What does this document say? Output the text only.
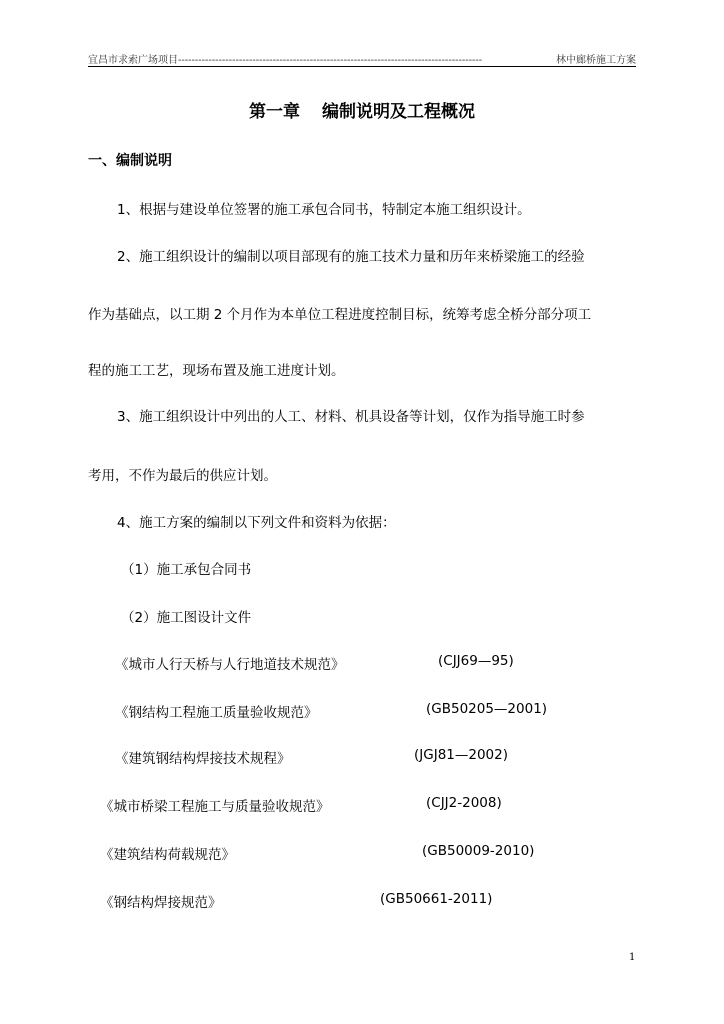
宜昌市求索广场项目------------------------------------------------------------------------------------------	林中廊桥施工方案
第一章 编制说明及工程概况
一、编制说明
1、根据与建设单位签署的施工承包合同书，特制定本施工组织设计。
2、施工组织设计的编制以项目部现有的施工技术力量和历年来桥梁施工的经验
作为基础点，以工期 2 个月作为本单位工程进度控制目标，统筹考虑全桥分部分项工
程的施工工艺，现场布置及施工进度计划。
3、施工组织设计中列出的人工、材料、机具设备等计划，仅作为指导施工时参
考用，不作为最后的供应计划。
4、施工方案的编制以下列文件和资料为依据：
（1）施工承包合同书
（2）施工图设计文件
《城市人行天桥与人行地道技术规范》	(CJJ69—95)
《钢结构工程施工质量验收规范》	(GB50205—2001)
《建筑钢结构焊接技术规程》	(JGJ81—2002)
《城市桥梁工程施工与质量验收规范》	(CJJ2-2008)
《建筑结构荷载规范》	(GB50009-2010)
《钢结构焊接规范》	(GB50661-2011)
1
